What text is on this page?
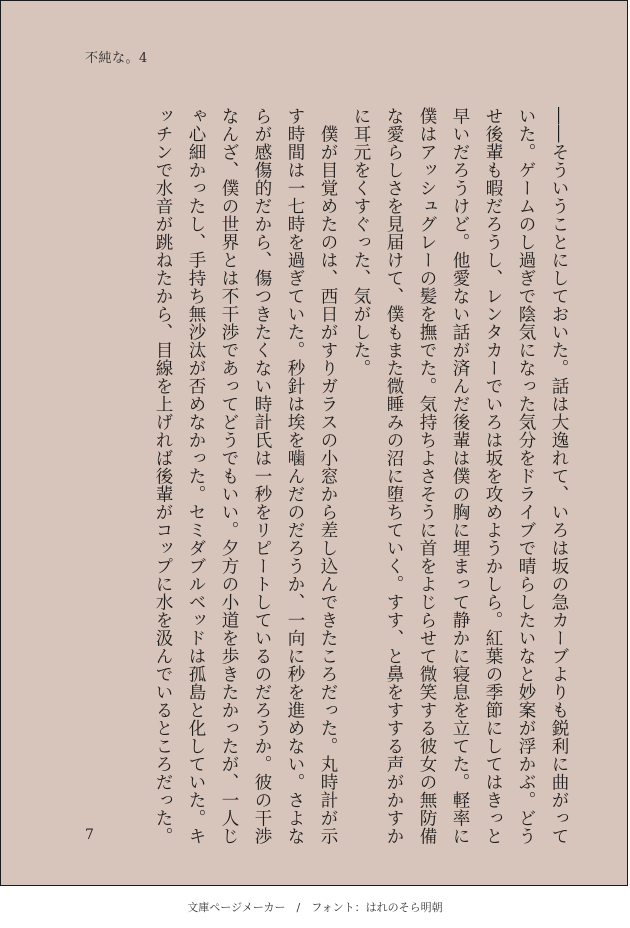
不純な。4

――そういうことにしておいた。話は大逸れて、いろは坂の急カーブよりも鋭利に曲がっていた。ゲームのし過ぎで陰気になった気分をドライブで晴らしたいなと妙案が浮かぶ。どうせ後輩も暇だろうし、レンタカーでいろは坂を攻めようかしら。紅葉の季節にしてはきっと早いだろうけど。他愛ない話が済んだ後輩は僕の胸に埋まって静かに寝息を立てた。軽率に僕はアッシュグレーの髪を撫でた。気持ちよさそうに首をよじらせて微笑する彼女の無防備な愛らしさを見届けて、僕もまた微睡みの沼に堕ちていく。すす、と鼻をすする声がかすかに耳元をくすぐった、気がした。

僕が目覚めたのは、西日がすりガラスの小窓から差し込んできたころだった。丸時計が示す時間は一七時を過ぎていた。秒針は埃を噛んだのだろうか、一向に秒を進めない。さよならが感傷的だから、傷つきたくない時計氏は一秒をリピートしているのだろうか。彼の干渉なんざ、僕の世界とは不干渉であってどうでもいい。夕方の小道を歩きたかったが、一人じゃ心細かったし、手持ち無沙汰が否めなかった。セミダブルベッドは孤島と化していた。キッチンで水音が跳ねたから、目線を上げれば後輩がコップに水を汲んでいるところだった。

7
文庫ページメーカー　/　フォント：はれのそら明朝
